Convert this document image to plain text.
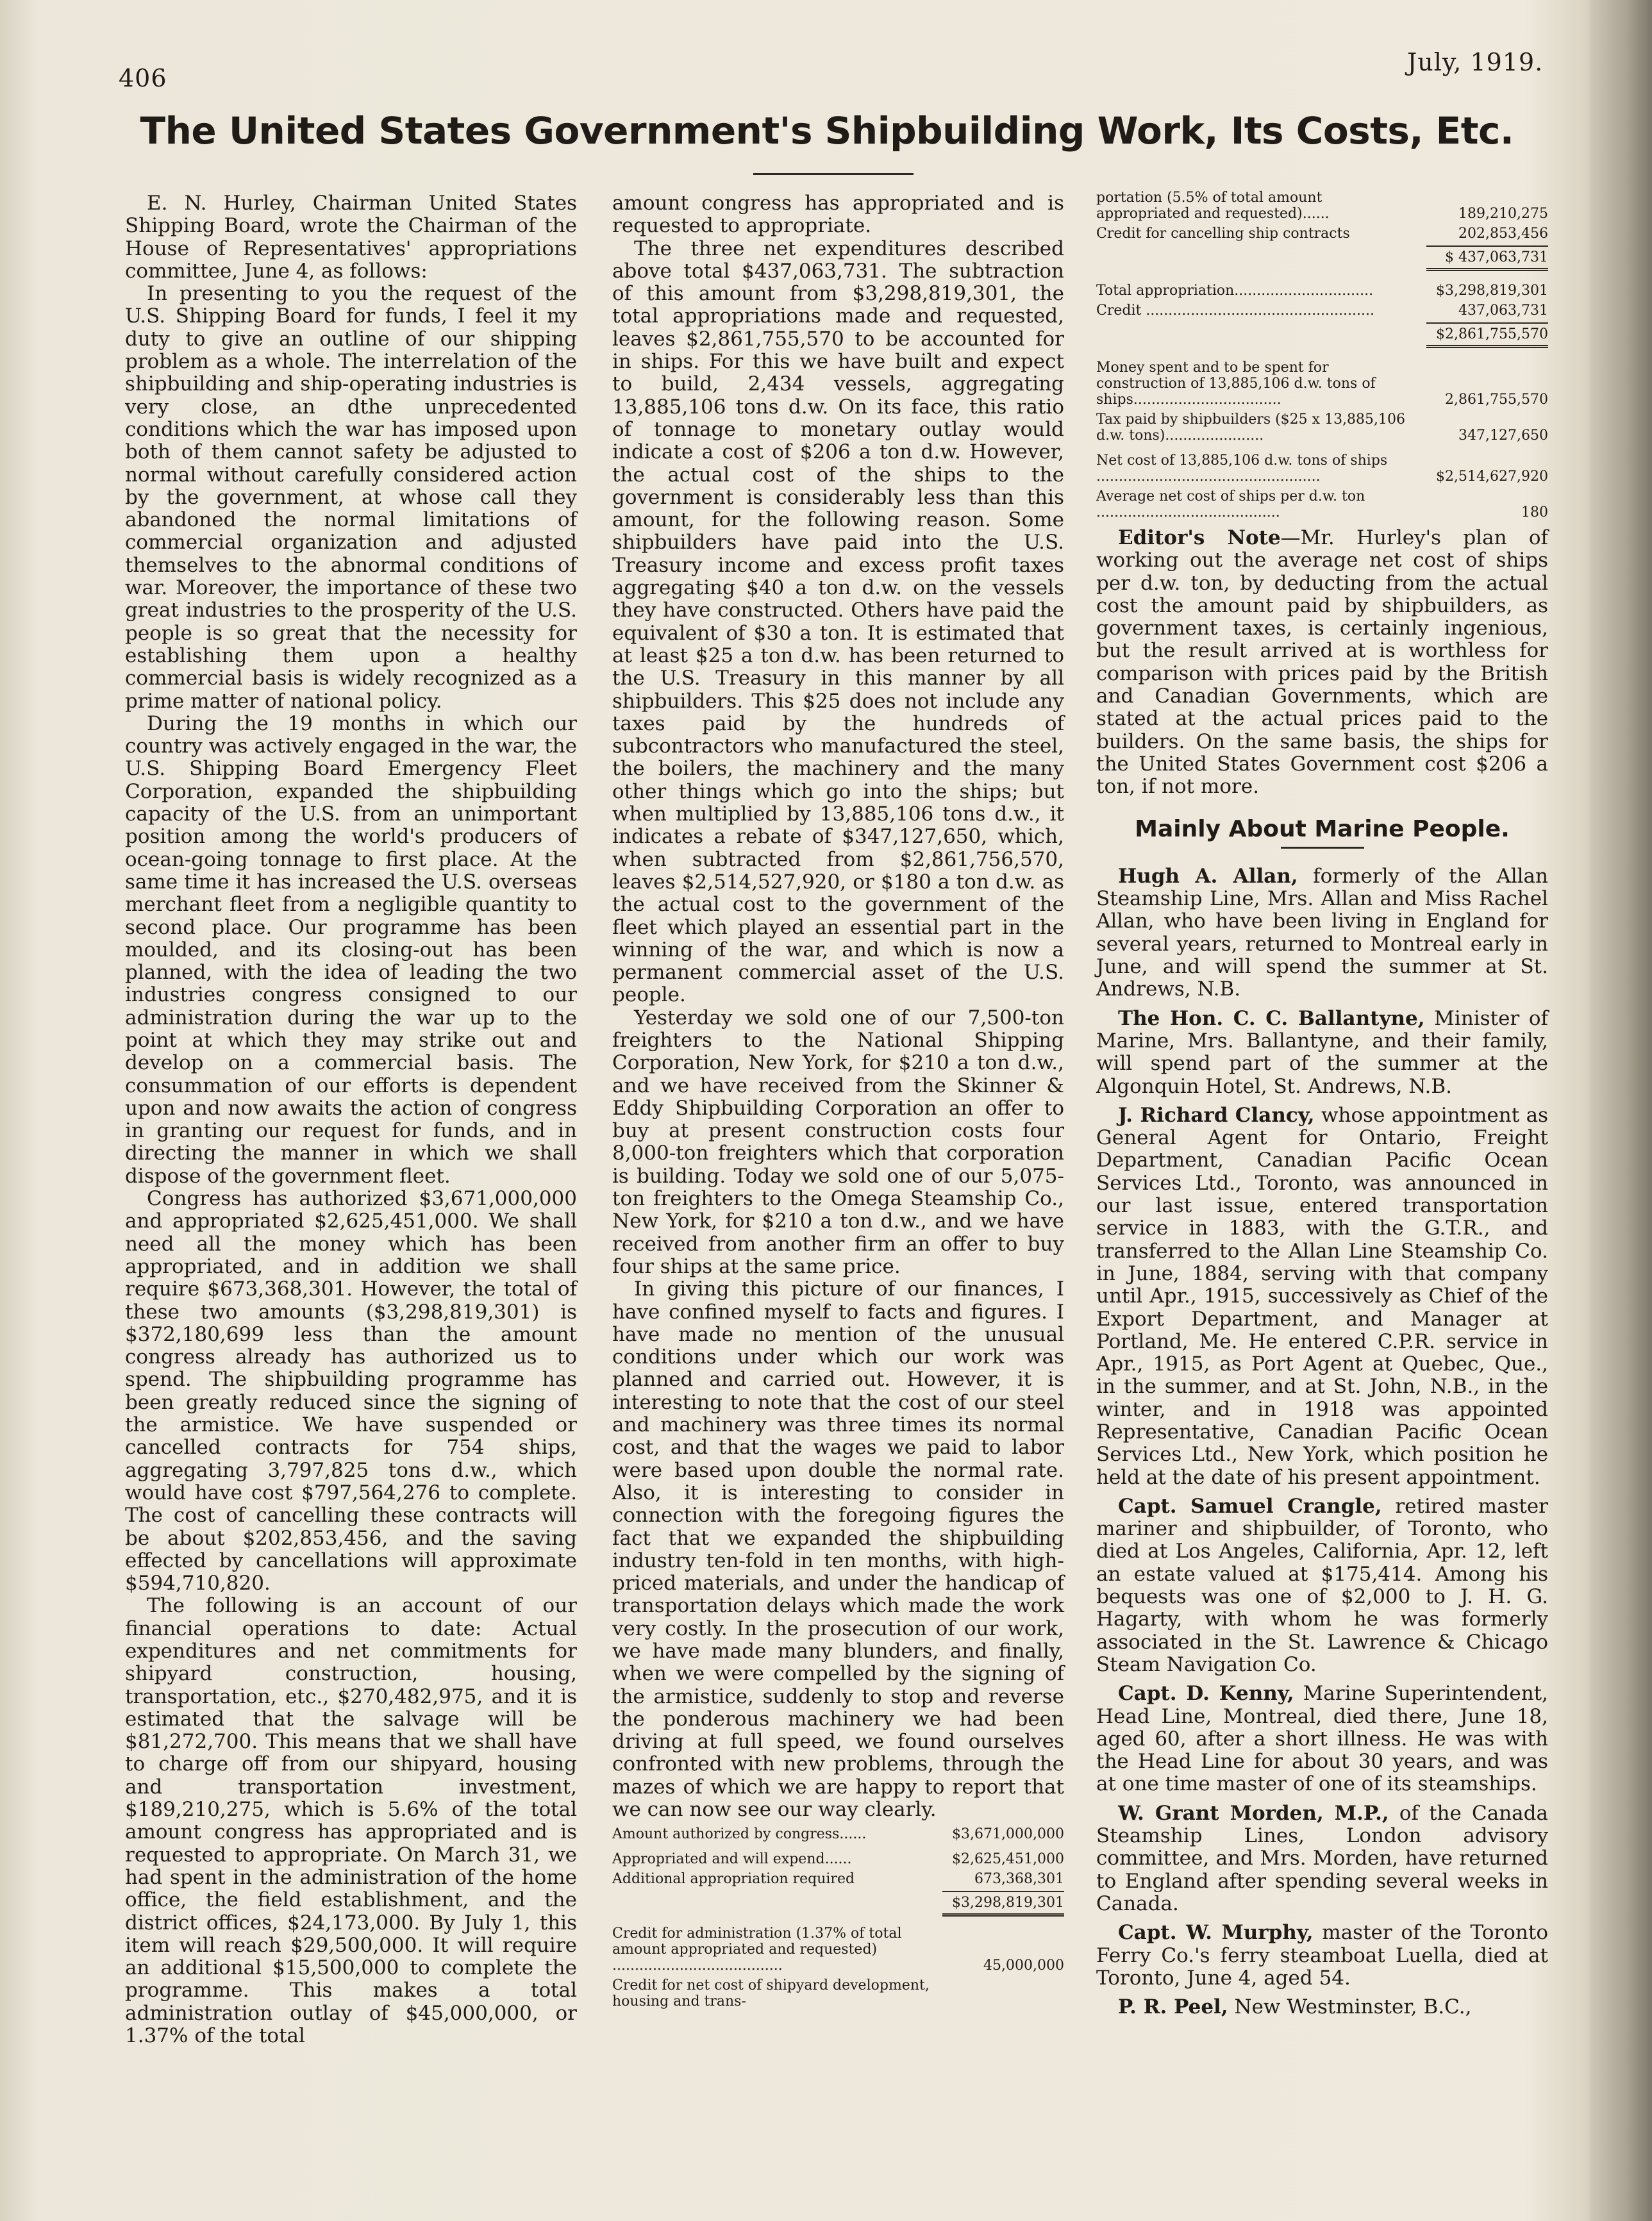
406
July, 1919.
The United States Government's Shipbuilding Work, Its Costs, Etc.

E. N. Hurley, Chairman United States Shipping Board, wrote the Chairman of the House of Representatives' appropriations committee, June 4, as follows:

In presenting to you the request of the U.S. Shipping Board for funds, I feel it my duty to give an outline of our shipping problem as a whole. The interrelation of the shipbuilding and ship-operating industries is very close, an dthe unprecedented conditions which the war has imposed upon both of them cannot safety be adjusted to normal without carefully considered action by the government, at whose call they abandoned the normal limitations of commercial organization and adjusted themselves to the abnormal conditions of war. Moreover, the importance of these two great industries to the prosperity of the U.S. people is so great that the necessity for establishing them upon a healthy commercial basis is widely recognized as a prime matter of national policy.

During the 19 months in which our country was actively engaged in the war, the U.S. Shipping Board Emergency Fleet Corporation, expanded the shipbuilding capacity of the U.S. from an unimportant position among the world's producers of ocean-going tonnage to first place. At the same time it has increased the U.S. overseas merchant fleet from a negligible quantity to second place. Our programme has been moulded, and its closing-out has been planned, with the idea of leading the two industries congress consigned to our administration during the war up to the point at which they may strike out and develop on a commercial basis. The consummation of our efforts is dependent upon and now awaits the action of congress in granting our request for funds, and in directing the manner in which we shall dispose of the government fleet.

Congress has authorized $3,671,000,000 and appropriated $2,625,451,000. We shall need all the money which has been appropriated, and in addition we shall require $673,368,301. However, the total of these two amounts ($3,298,819,301) is $372,180,699 less than the amount congress already has authorized us to spend. The shipbuilding programme has been greatly reduced since the signing of the armistice. We have suspended or cancelled contracts for 754 ships, aggregating 3,797,825 tons d.w., which would have cost $797,564,276 to complete. The cost of cancelling these contracts will be about $202,853,456, and the saving effected by cancellations will approximate $594,710,820.

The following is an account of our financial operations to date: Actual expenditures and net commitments for shipyard construction, housing, transportation, etc., $270,482,975, and it is estimated that the salvage will be $81,272,700. This means that we shall have to charge off from our shipyard, housing and transportation investment, $189,210,275, which is 5.6% of the total amount congress has appropriated and is requested to appropriate. On March 31, we had spent in the administration of the home office, the field establishment, and the district offices, $24,173,000. By July 1, this item will reach $29,500,000. It will require an additional $15,500,000 to complete the programme. This makes a total administration outlay of $45,000,000, or 1.37% of the total

amount congress has appropriated and is requested to appropriate.

The three net expenditures described above total $437,063,731. The subtraction of this amount from $3,298,819,301, the total appropriations made and requested, leaves $2,861,755,570 to be accounted for in ships. For this we have built and expect to build, 2,434 vessels, aggregating 13,885,106 tons d.w. On its face, this ratio of tonnage to monetary outlay would indicate a cost of $206 a ton d.w. However, the actual cost of the ships to the government is considerably less than this amount, for the following reason. Some shipbuilders have paid into the U.S. Treasury income and excess profit taxes aggregating $40 a ton d.w. on the vessels they have constructed. Others have paid the equivalent of $30 a ton. It is estimated that at least $25 a ton d.w. has been returned to the U.S. Treasury in this manner by all shipbuilders. This $25 does not include any taxes paid by the hundreds of subcontractors who manufactured the steel, the boilers, the machinery and the many other things which go into the ships; but when multiplied by 13,885,106 tons d.w., it indicates a rebate of $347,127,650, which, when subtracted from $2,861,756,570, leaves $2,514,527,920, or $180 a ton d.w. as the actual cost to the government of the fleet which played an essential part in the winning of the war, and which is now a permanent commercial asset of the U.S. people.

Yesterday we sold one of our 7,500-ton freighters to the National Shipping Corporation, New York, for $210 a ton d.w., and we have received from the Skinner & Eddy Shipbuilding Corporation an offer to buy at present construction costs four 8,000-ton freighters which that corporation is building. Today we sold one of our 5,075-ton freighters to the Omega Steamship Co., New York, for $210 a ton d.w., and we have received from another firm an offer to buy four ships at the same price.

In giving this picture of our finances, I have confined myself to facts and figures. I have made no mention of the unusual conditions under which our work was planned and carried out. However, it is interesting to note that the cost of our steel and machinery was three times its normal cost, and that the wages we paid to labor were based upon double the normal rate. Also, it is interesting to consider in connection with the foregoing figures the fact that we expanded the shipbuilding industry ten-fold in ten months, with high-priced materials, and under the handicap of transportation delays which made the work very costly. In the prosecution of our work, we have made many blunders, and finally, when we were compelled by the signing of the armistice, suddenly to stop and reverse the ponderous machinery we had been driving at full speed, we found ourselves confronted with new problems, through the mazes of which we are happy to report that we can now see our way clearly.

Amount authorized by congress......	$3,671,000,000
Appropriated and will expend......	$2,625,451,000
Additional appropriation required	673,368,301
$3,298,819,301
Credit for administration (1.37% of total amount appropriated and requested) ......................................	45,000,000
Credit for net cost of shipyard development, housing and trans-
portation (5.5% of total amount appropriated and requested)......	189,210,275
Credit for cancelling ship contracts	202,853,456
$ 437,063,731
Total appropriation...............................	$3,298,819,301
Credit ...................................................	437,063,731
$2,861,755,570
Money spent and to be spent for construction of 13,885,106 d.w. tons of ships.................................	2,861,755,570
Tax paid by shipbuilders ($25 x 13,885,106 d.w. tons)......................	347,127,650
Net cost of 13,885,106 d.w. tons of ships ..................................................	$2,514,627,920
Average net cost of ships per d.w. ton .........................................	180

Editor's Note—Mr. Hurley's plan of working out the average net cost of ships per d.w. ton, by deducting from the actual cost the amount paid by shipbuilders, as government taxes, is certainly ingenious, but the result arrived at is worthless for comparison with prices paid by the British and Canadian Governments, which are stated at the actual prices paid to the builders. On the same basis, the ships for the United States Government cost $206 a ton, if not more.

Mainly About Marine People.

Hugh A. Allan, formerly of the Allan Steamship Line, Mrs. Allan and Miss Rachel Allan, who have been living in England for several years, returned to Montreal early in June, and will spend the summer at St. Andrews, N.B.

The Hon. C. C. Ballantyne, Minister of Marine, Mrs. Ballantyne, and their family, will spend part of the summer at the Algonquin Hotel, St. Andrews, N.B.

J. Richard Clancy, whose appointment as General Agent for Ontario, Freight Department, Canadian Pacific Ocean Services Ltd., Toronto, was announced in our last issue, entered transportation service in 1883, with the G.T.R., and transferred to the Allan Line Steamship Co. in June, 1884, serving with that company until Apr., 1915, successively as Chief of the Export Department, and Manager at Portland, Me. He entered C.P.R. service in Apr., 1915, as Port Agent at Quebec, Que., in the summer, and at St. John, N.B., in the winter, and in 1918 was appointed Representative, Canadian Pacific Ocean Services Ltd., New York, which position he held at the date of his present appointment.

Capt. Samuel Crangle, retired master mariner and shipbuilder, of Toronto, who died at Los Angeles, California, Apr. 12, left an estate valued at $175,414. Among his bequests was one of $2,000 to J. H. G. Hagarty, with whom he was formerly associated in the St. Lawrence & Chicago Steam Navigation Co.

Capt. D. Kenny, Marine Superintendent, Head Line, Montreal, died there, June 18, aged 60, after a short illness. He was with the Head Line for about 30 years, and was at one time master of one of its steamships.

W. Grant Morden, M.P., of the Canada Steamship Lines, London advisory committee, and Mrs. Morden, have returned to England after spending several weeks in Canada.

Capt. W. Murphy, master of the Toronto Ferry Co.'s ferry steamboat Luella, died at Toronto, June 4, aged 54.

P. R. Peel, New Westminster, B.C.,
